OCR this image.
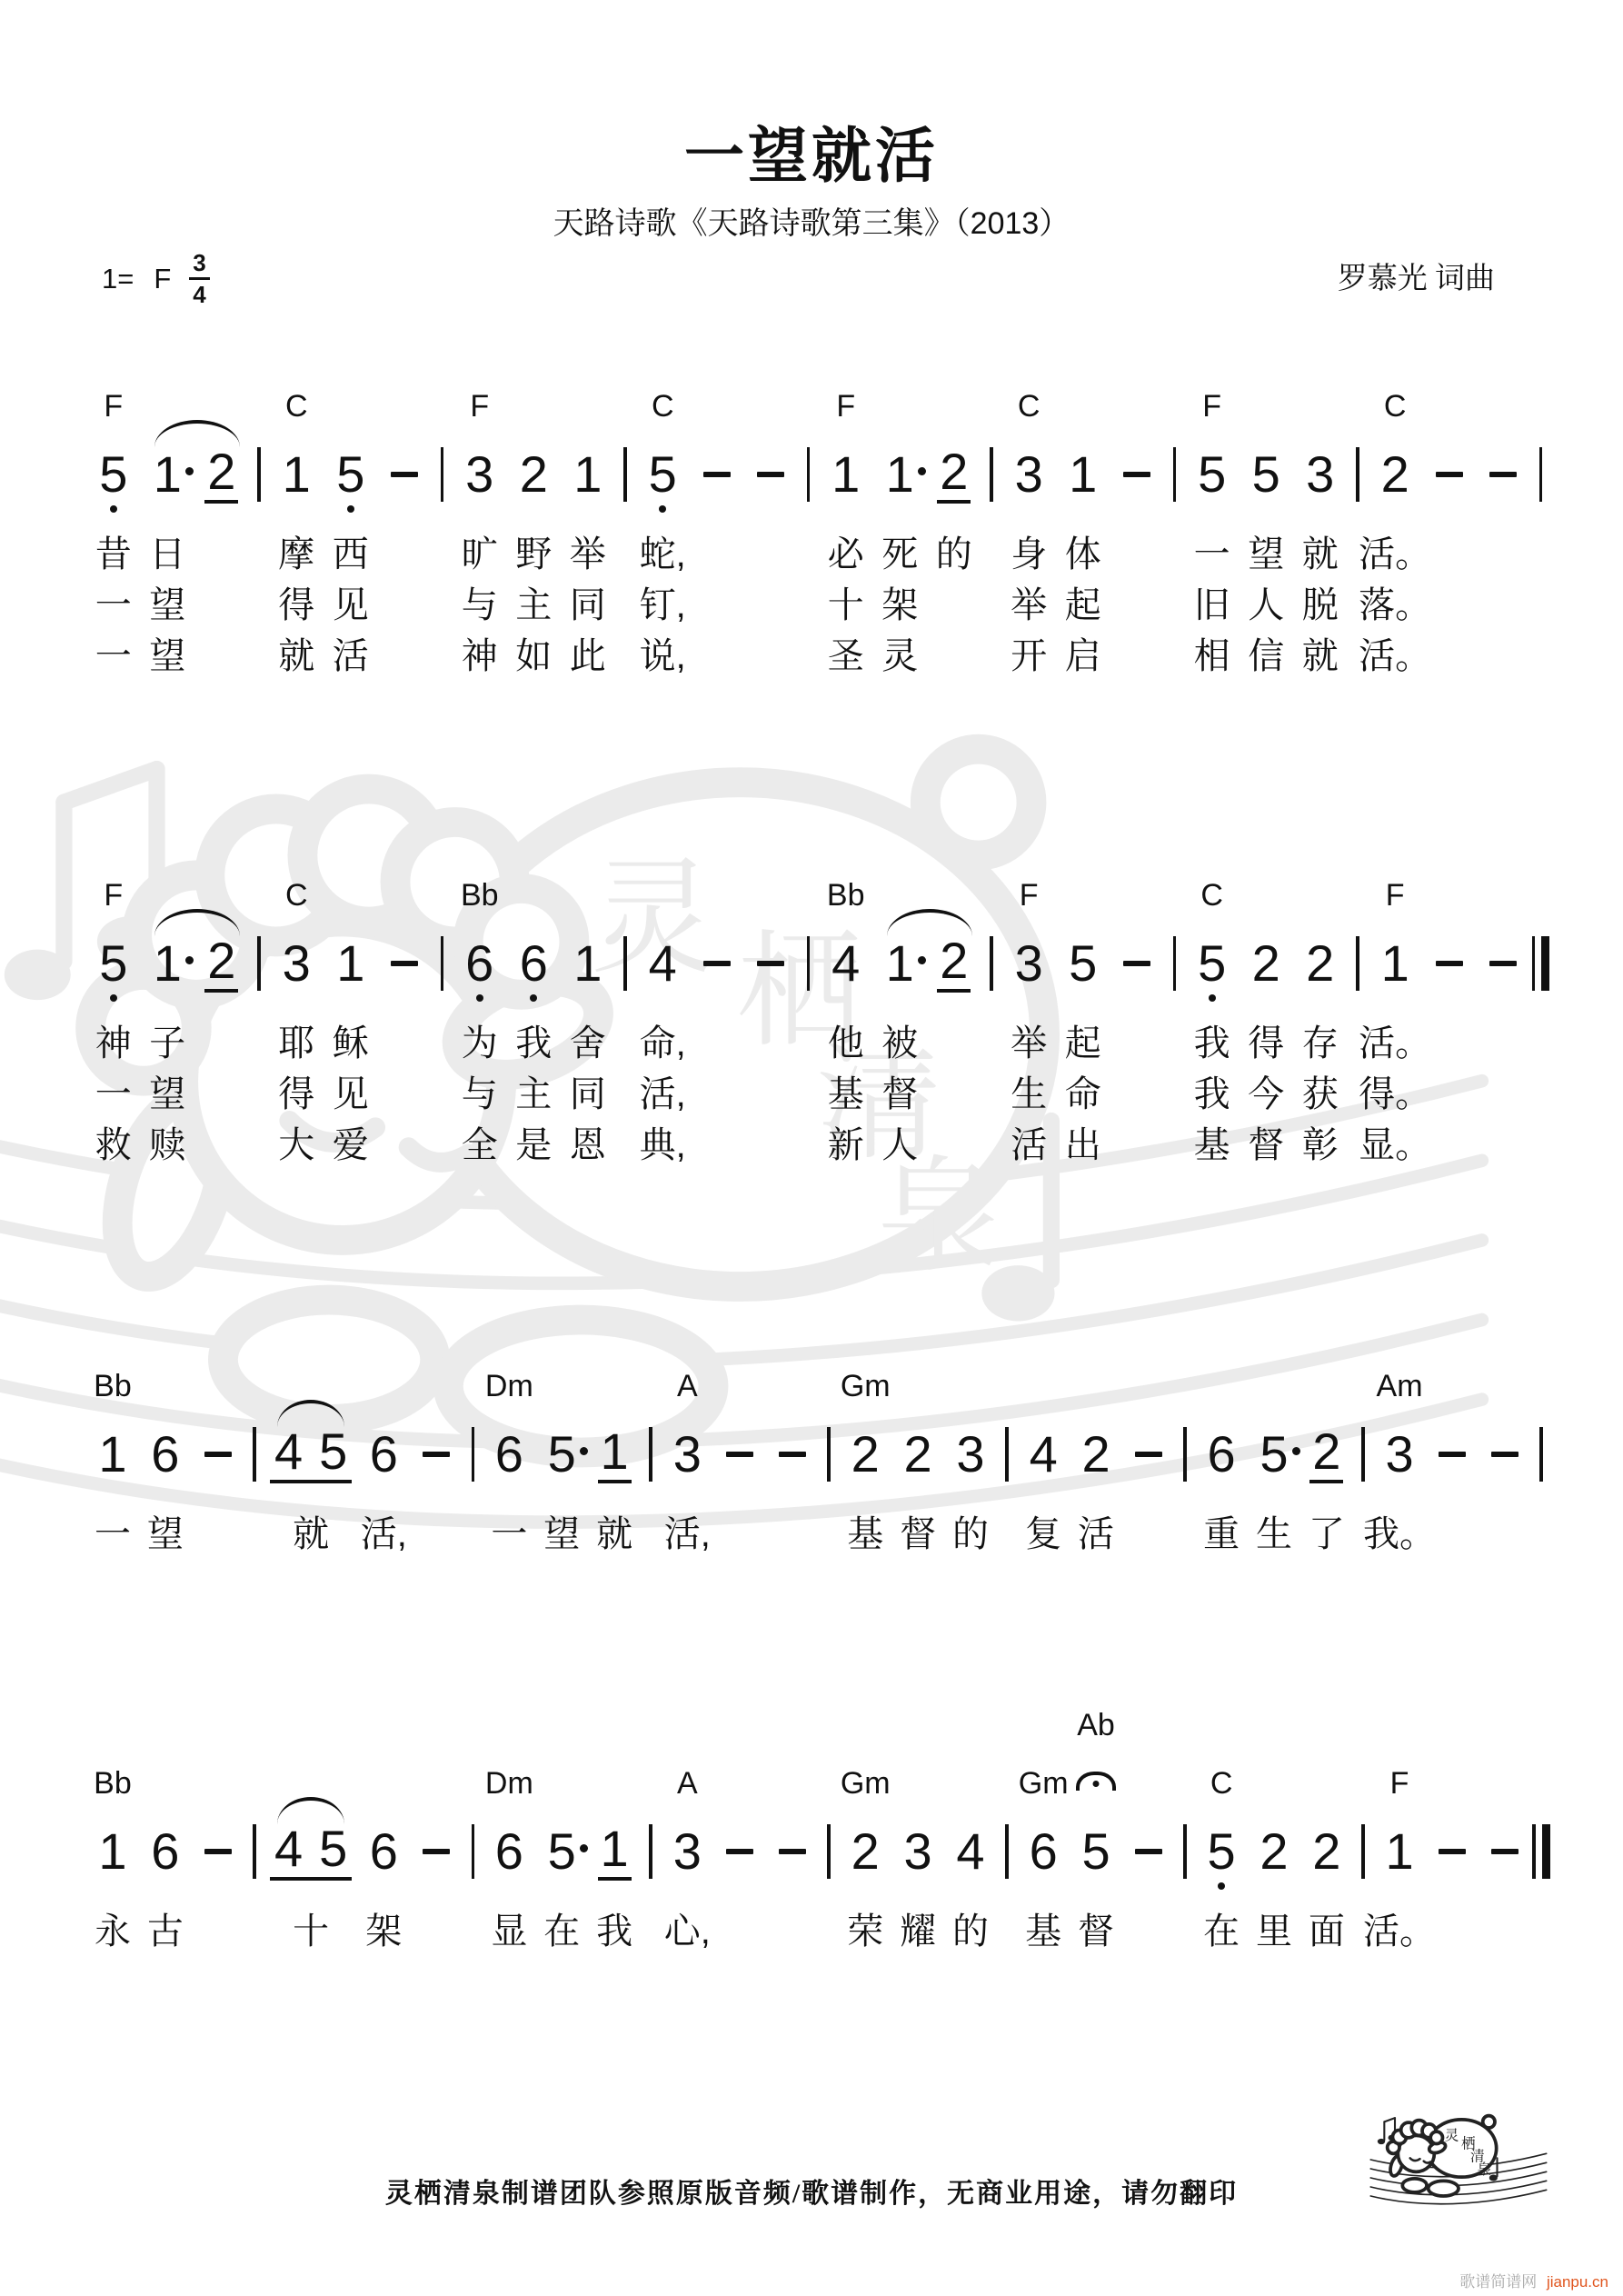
一望就活
天路诗歌《天路诗歌第三集》（2013）
1= F $\frac{3}{4}$	罗慕光 词曲
F
5
昔
一
一
1
日
望
望
2
C
1
摩
得
就
5
西
见
活
F
3
旷
与
神
2
野
主
如
1
举
同
此
C
5
蛇,
钉,
说,
F
1
必
十
圣
1
死
架
灵
2
的
C
3
身
举
开
1
体
起
启
F
5
一
旧
相
5
望
人
信
3
就
脱
就
C
2
活。
落。
活。
F
5
神
一
救
1
子
望
赎
2
C
3
耶
得
大
1
稣
见
爱
Bb
6
为
与
全
6
我
主
是
1
舍
同
恩
4
命,
活,
典,
Bb
4
他
基
新
1
被
督
人
2
F
3
举
生
活
5
起
命
出
C
5
我
我
基
2
得
今
督
2
存
获
彰
F
1
活。
得。
显。
Bb
1
一
6
望
4 5
就
6
活,
Dm
6
一
5
望
1
就
A
3
活,
Gm
2
基
2
督
3
的
4
复
2
活
6
重
5
生
2
了
Am
3
我。
Bb
1
永
6
古
4 5
十
6
架
Dm
6
显
5
在
1
我
A
3
心,
Gm
2
荣
3
耀
4
的
Gm
6
基
Ab
5
督
C
5
在
2
里
2
面
F
1
活。
灵栖清泉制谱团队参照原版音频/歌谱制作，无商业用途，请勿翻印
歌谱简谱网 jianpu.cn
